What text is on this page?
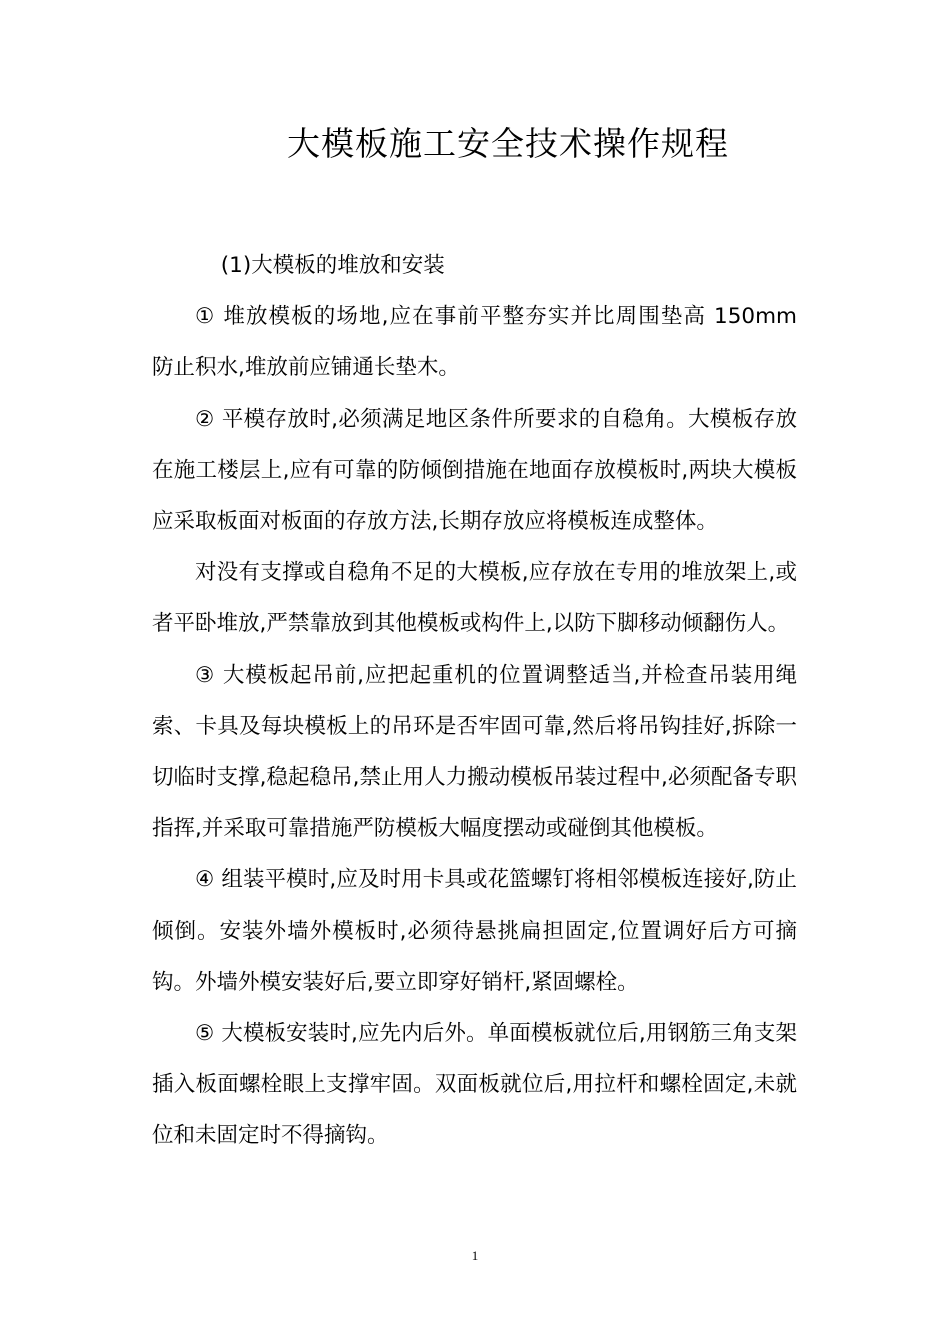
大模板施工安全技术操作规程

(1)大模板的堆放和安装

① 堆放模板的场地,应在事前平整夯实并比周围垫高 150mm 防止积水,堆放前应铺通长垫木。

② 平模存放时,必须满足地区条件所要求的自稳角。大模板存放在施工楼层上,应有可靠的防倾倒措施在地面存放模板时,两块大模板应采取板面对板面的存放方法,长期存放应将模板连成整体。

对没有支撑或自稳角不足的大模板,应存放在专用的堆放架上,或者平卧堆放,严禁靠放到其他模板或构件上,以防下脚移动倾翻伤人。

③ 大模板起吊前,应把起重机的位置调整适当,并检查吊装用绳索、卡具及每块模板上的吊环是否牢固可靠,然后将吊钩挂好,拆除一切临时支撑,稳起稳吊,禁止用人力搬动模板吊装过程中,必须配备专职指挥,并采取可靠措施严防模板大幅度摆动或碰倒其他模板。

④ 组装平模时,应及时用卡具或花篮螺钉将相邻模板连接好,防止倾倒。安装外墙外模板时,必须待悬挑扁担固定,位置调好后方可摘钩。外墙外模安装好后,要立即穿好销杆,紧固螺栓。

⑤ 大模板安装时,应先内后外。单面模板就位后,用钢筋三角支架插入板面螺栓眼上支撑牢固。双面板就位后,用拉杆和螺栓固定,未就位和未固定时不得摘钩。

1
